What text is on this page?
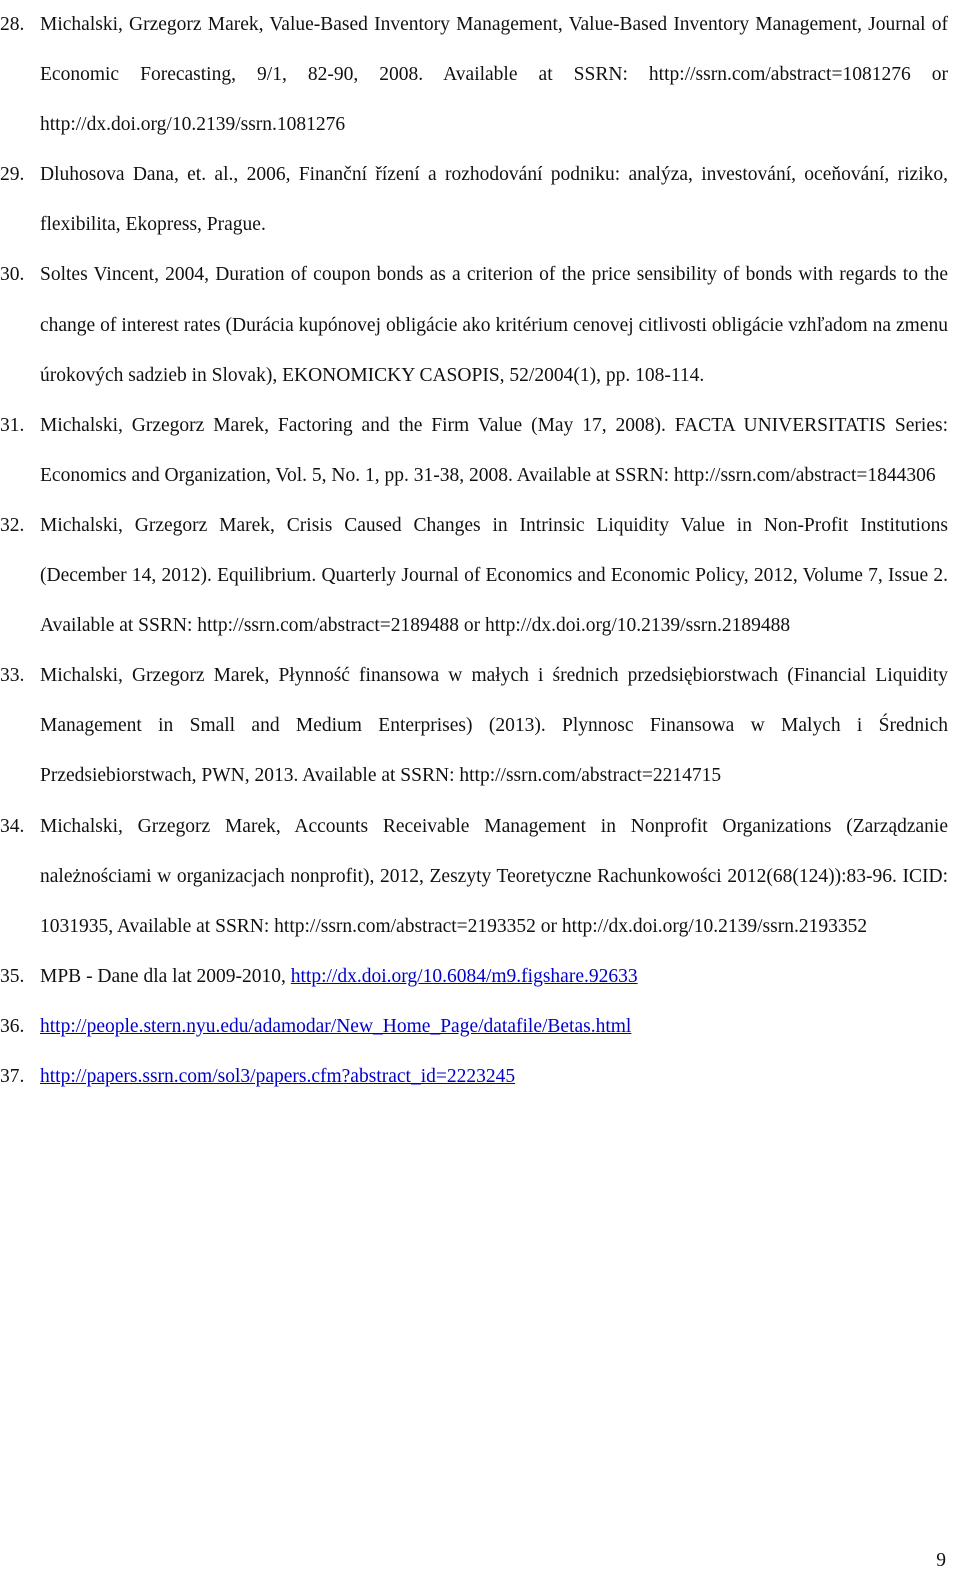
28. Michalski, Grzegorz Marek, Value-Based Inventory Management, Value-Based Inventory Management, Journal of Economic Forecasting, 9/1, 82-90, 2008. Available at SSRN: http://ssrn.com/abstract=1081276 or http://dx.doi.org/10.2139/ssrn.1081276
29. Dluhosova Dana, et. al., 2006, Finanční řízení a rozhodování podniku: analýza, investování, oceňování, riziko, flexibilita, Ekopress, Prague.
30. Soltes Vincent, 2004, Duration of coupon bonds as a criterion of the price sensibility of bonds with regards to the change of interest rates (Durácia kupónovej obligácie ako kritérium cenovej citlivosti obligácie vzhľadom na zmenu úrokových sadzieb in Slovak), EKONOMICKY CASOPIS, 52/2004(1), pp. 108-114.
31. Michalski, Grzegorz Marek, Factoring and the Firm Value (May 17, 2008). FACTA UNIVERSITATIS Series: Economics and Organization, Vol. 5, No. 1, pp. 31-38, 2008. Available at SSRN: http://ssrn.com/abstract=1844306
32. Michalski, Grzegorz Marek, Crisis Caused Changes in Intrinsic Liquidity Value in Non-Profit Institutions (December 14, 2012). Equilibrium. Quarterly Journal of Economics and Economic Policy, 2012, Volume 7, Issue 2. Available at SSRN: http://ssrn.com/abstract=2189488 or http://dx.doi.org/10.2139/ssrn.2189488
33. Michalski, Grzegorz Marek, Płynność finansowa w małych i średnich przedsiębiorstwach (Financial Liquidity Management in Small and Medium Enterprises) (2013). Plynnosc Finansowa w Malych i Średnich Przedsiebiorstwach, PWN, 2013. Available at SSRN: http://ssrn.com/abstract=2214715
34. Michalski, Grzegorz Marek, Accounts Receivable Management in Nonprofit Organizations (Zarządzanie należnościami w organizacjach nonprofit), 2012, Zeszyty Teoretyczne Rachunkowości 2012(68(124)):83-96. ICID: 1031935, Available at SSRN: http://ssrn.com/abstract=2193352 or http://dx.doi.org/10.2139/ssrn.2193352
35. MPB - Dane dla lat 2009-2010, http://dx.doi.org/10.6084/m9.figshare.92633
36. http://people.stern.nyu.edu/adamodar/New_Home_Page/datafile/Betas.html
37. http://papers.ssrn.com/sol3/papers.cfm?abstract_id=2223245
9
